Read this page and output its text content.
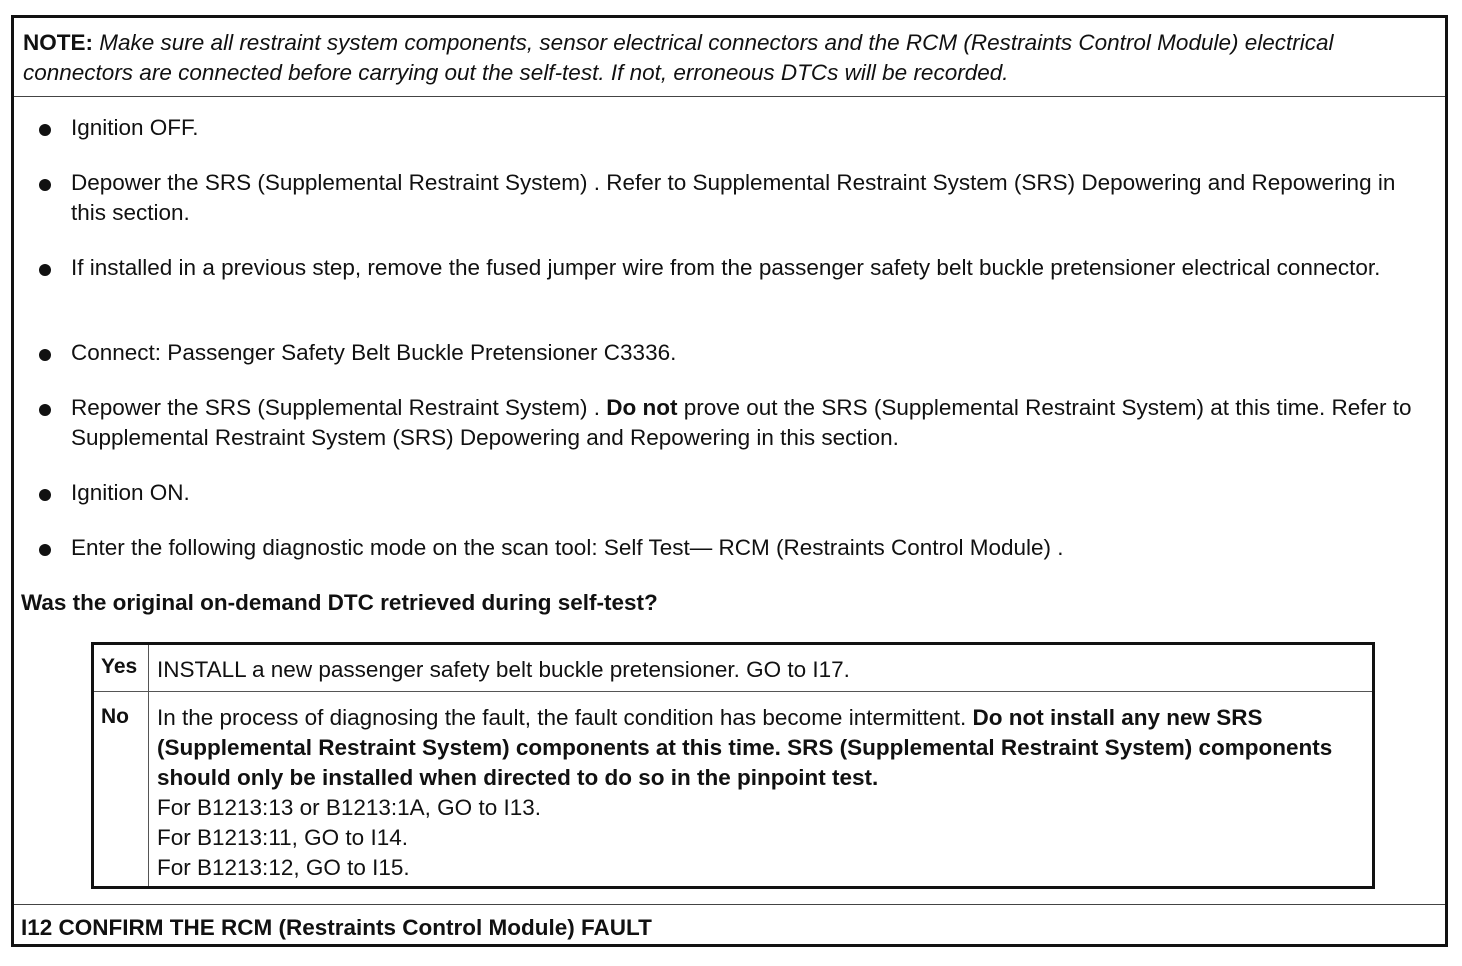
NOTE: Make sure all restraint system components, sensor electrical connectors and the RCM (Restraints Control Module) electrical connectors are connected before carrying out the self-test. If not, erroneous DTCs will be recorded.
Ignition OFF.
Depower the SRS (Supplemental Restraint System) . Refer to Supplemental Restraint System (SRS) Depowering and Repowering in this section.
If installed in a previous step, remove the fused jumper wire from the passenger safety belt buckle pretensioner electrical connector.
Connect: Passenger Safety Belt Buckle Pretensioner C3336.
Repower the SRS (Supplemental Restraint System) . Do not prove out the SRS (Supplemental Restraint System) at this time. Refer to Supplemental Restraint System (SRS) Depowering and Repowering in this section.
Ignition ON.
Enter the following diagnostic mode on the scan tool: Self Test— RCM (Restraints Control Module) .
Was the original on-demand DTC retrieved during self-test?
Yes INSTALL a new passenger safety belt buckle pretensioner. GO to I17.
No In the process of diagnosing the fault, the fault condition has become intermittent. Do not install any new SRS (Supplemental Restraint System) components at this time. SRS (Supplemental Restraint System) components should only be installed when directed to do so in the pinpoint test.
For B1213:13 or B1213:1A, GO to I13.
For B1213:11, GO to I14.
For B1213:12, GO to I15.
I12 CONFIRM THE RCM (Restraints Control Module) FAULT
